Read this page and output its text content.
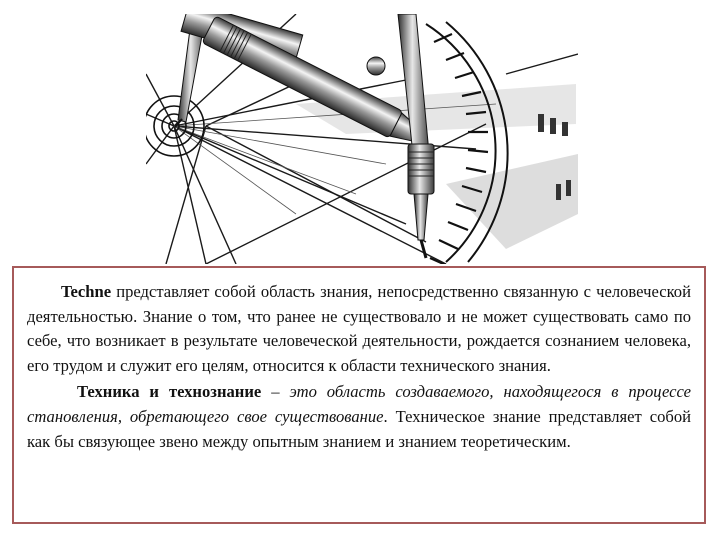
Techne представляет собой область знания, непосредственно связанную с человеческой деятельностью. Знание о том, что ранее не существовало и не может существовать само по себе, что возникает в результате человеческой деятельности, рождается сознанием человека, его трудом и служит его целям, относится к области технического знания.

Техника и технознание – это область создаваемого, находящегося в процессе становления, обретающего свое существование. Техническое знание представляет собой как бы связующее звено между опытным знанием и знанием теоретическим.
